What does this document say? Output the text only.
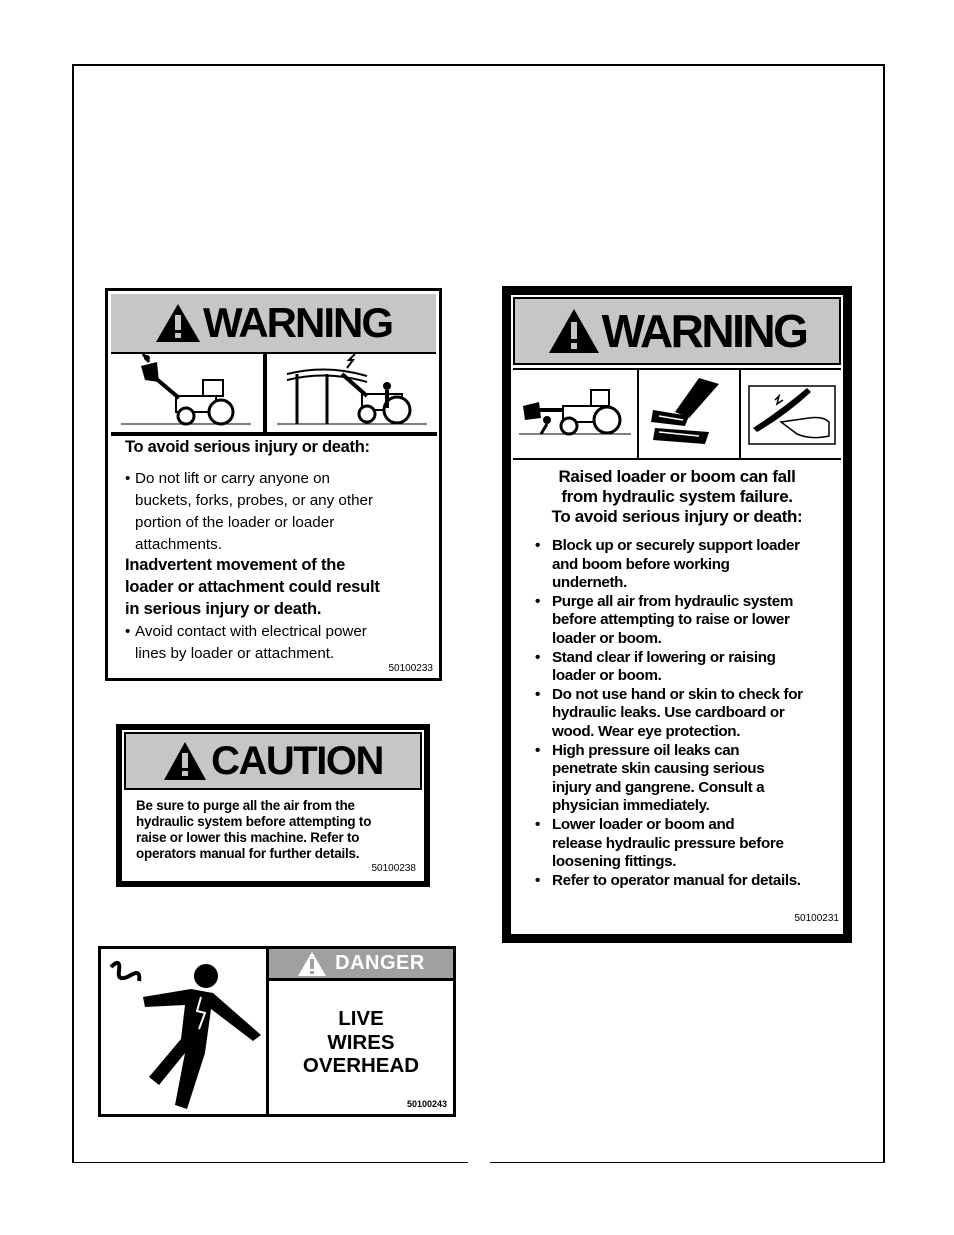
WARNING
To avoid serious injury or death:
• Do not lift or carry anyone on
buckets, forks, probes, or any other
portion of the loader or loader
attachments.
Inadvertent movement of the
loader or attachment could result
in serious injury or death.
• Avoid contact with electrical power
lines by loader or attachment.
50100233
CAUTION
Be sure to purge all the air from the
hydraulic system before attempting to
raise or lower this machine. Refer to
operators manual for further details.
50100238
DANGER
LIVE
WIRES
OVERHEAD
50100243
WARNING
Raised loader or boom can fall
from hydraulic system failure.
To avoid serious injury or death:
• Block up or securely support loader
and boom before working
underneth.
• Purge all air from hydraulic system
before attempting to raise or lower
loader or boom.
• Stand clear if lowering or raising
loader or boom.
• Do not use hand or skin to check for
hydraulic leaks. Use cardboard or
wood. Wear eye protection.
• High pressure oil leaks can
penetrate skin causing serious
injury and gangrene. Consult a
physician immediately.
• Lower loader or boom and
release hydraulic pressure before
loosening fittings.
• Refer to operator manual for details.
50100231
